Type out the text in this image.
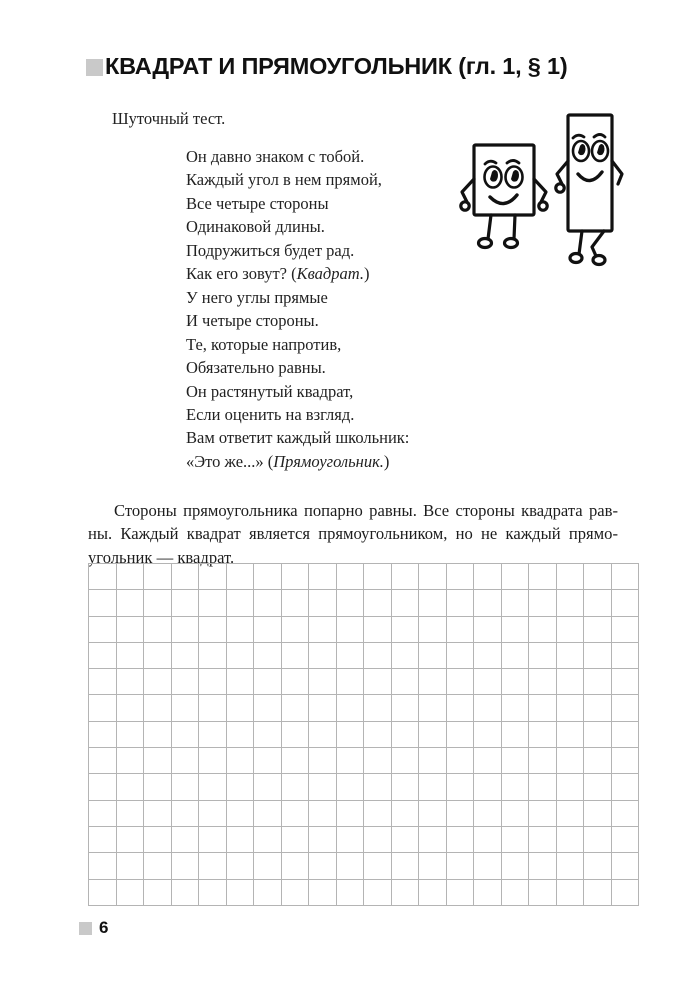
КВАДРАТ И ПРЯМОУГОЛЬНИК (гл. 1, § 1)
Шуточный тест.
Он давно знаком с тобой.
Каждый угол в нем прямой,
Все четыре стороны
Одинаковой длины.
Подружиться будет рад.
Как его зовут? (Квадрат.)
У него углы прямые
И четыре стороны.
Те, которые напротив,
Обязательно равны.
Он растянутый квадрат,
Если оценить на взгляд.
Вам ответит каждый школьник:
«Это же...» (Прямоугольник.)

Стороны прямоугольника попарно равны. Все стороны квадрата равны. Каждый квадрат является прямоугольником, но не каждый прямоугольник — квадрат.

6
